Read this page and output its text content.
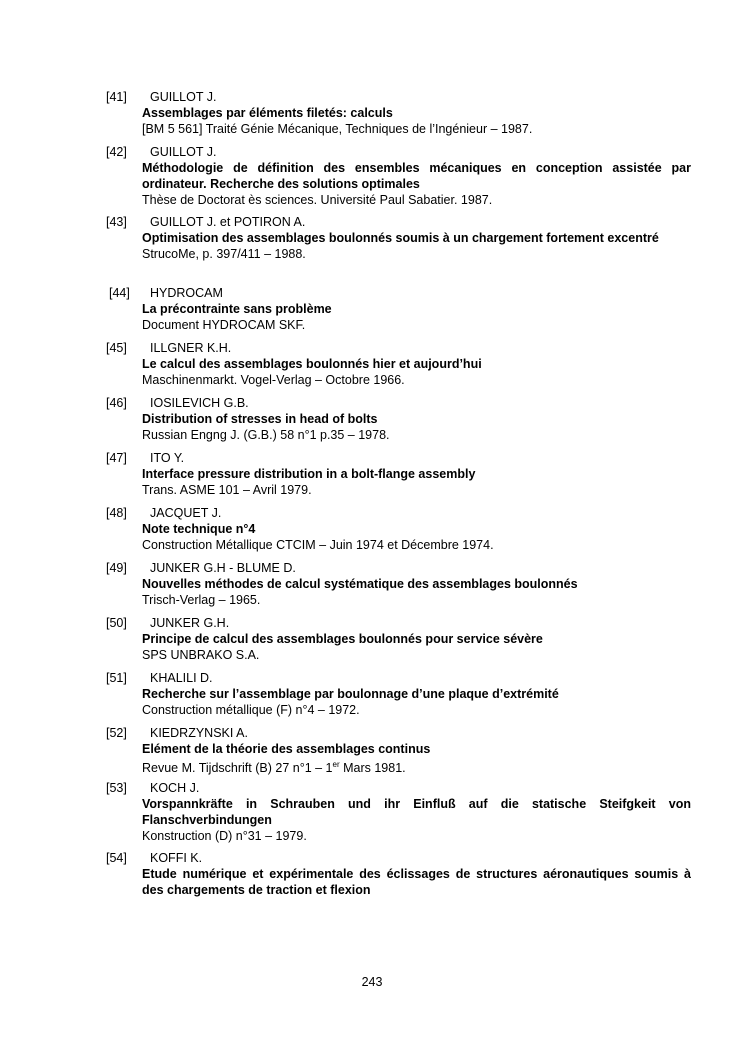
[41] GUILLOT J.
Assemblages par éléments filetés: calculs
[BM 5 561] Traité Génie Mécanique, Techniques de l’Ingénieur – 1987.
[42] GUILLOT J.
Méthodologie de définition des ensembles mécaniques en conception assistée par ordinateur. Recherche des solutions optimales
Thèse de Doctorat ès sciences. Université Paul Sabatier. 1987.
[43] GUILLOT J. et POTIRON A.
Optimisation des assemblages boulonnés soumis à un chargement fortement excentré
StrucoMe, p. 397/411 – 1988.
[44] HYDROCAM
La précontrainte sans problème
Document HYDROCAM SKF.
[45] ILLGNER K.H.
Le calcul des assemblages boulonnés hier et aujourd’hui
Maschinenmarkt. Vogel-Verlag – Octobre 1966.
[46] IOSILEVICH G.B.
Distribution of stresses in head of bolts
Russian Engng J. (G.B.) 58 n°1 p.35 – 1978.
[47] ITO Y.
Interface pressure distribution in a bolt-flange assembly
Trans. ASME 101 – Avril 1979.
[48] JACQUET J.
Note technique n°4
Construction Métallique CTCIM – Juin 1974 et Décembre 1974.
[49] JUNKER G.H - BLUME D.
Nouvelles méthodes de calcul systématique des assemblages boulonnés
Trisch-Verlag – 1965.
[50] JUNKER G.H.
Principe de calcul des assemblages boulonnés pour service sévère
SPS UNBRAKO S.A.
[51] KHALILI D.
Recherche sur l’assemblage par boulonnage d’une plaque d’extrémité
Construction métallique (F) n°4 – 1972.
[52] KIEDRZYNSKI A.
Elément de la théorie des assemblages continus
Revue M. Tijdschrift (B) 27 n°1 – 1er Mars 1981.
[53] KOCH J.
Vorspannkräfte in Schrauben und ihr Einfluß auf die statische Steifgkeit von Flanschverbindungen
Konstruction (D) n°31 – 1979.
[54] KOFFI K.
Etude numérique et expérimentale des éclissages de structures aéronautiques soumis à des chargements de traction et flexion
243
